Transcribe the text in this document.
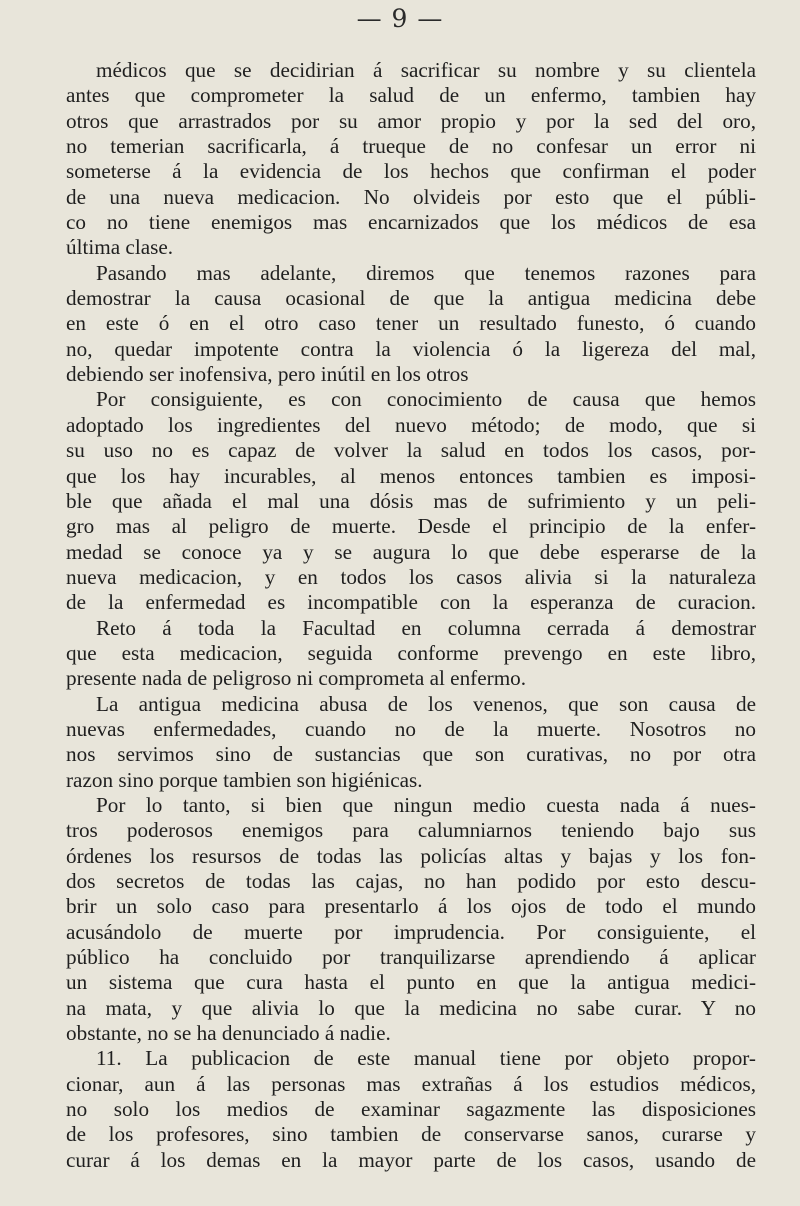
— 9 —
médicos que se decidirian á sacrificar su nombre y su clientela
antes que comprometer la salud de un enfermo, tambien hay
otros que arrastrados por su amor propio y por la sed del oro,
no temerian sacrificarla, á trueque de no confesar un error ni
someterse á la evidencia de los hechos que confirman el poder
de una nueva medicacion. No olvideis por esto que el públi-
co no tiene enemigos mas encarnizados que los médicos de esa
última clase.
Pasando mas adelante, diremos que tenemos razones para
demostrar la causa ocasional de que la antigua medicina debe
en este ó en el otro caso tener un resultado funesto, ó cuando
no, quedar impotente contra la violencia ó la ligereza del mal,
debiendo ser inofensiva, pero inútil en los otros
Por consiguiente, es con conocimiento de causa que hemos
adoptado los ingredientes del nuevo método; de modo, que si
su uso no es capaz de volver la salud en todos los casos, por-
que los hay incurables, al menos entonces tambien es imposi-
ble que añada el mal una dósis mas de sufrimiento y un peli-
gro mas al peligro de muerte. Desde el principio de la enfer-
medad se conoce ya y se augura lo que debe esperarse de la
nueva medicacion, y en todos los casos alivia si la naturaleza
de la enfermedad es incompatible con la esperanza de curacion.
Reto á toda la Facultad en columna cerrada á demostrar
que esta medicacion, seguida conforme prevengo en este libro,
presente nada de peligroso ni comprometa al enfermo.
La antigua medicina abusa de los venenos, que son causa de
nuevas enfermedades, cuando no de la muerte. Nosotros no
nos servimos sino de sustancias que son curativas, no por otra
razon sino porque tambien son higiénicas.
Por lo tanto, si bien que ningun medio cuesta nada á nues-
tros poderosos enemigos para calumniarnos teniendo bajo sus
órdenes los resursos de todas las policías altas y bajas y los fon-
dos secretos de todas las cajas, no han podido por esto descu-
brir un solo caso para presentarlo á los ojos de todo el mundo
acusándolo de muerte por imprudencia. Por consiguiente, el
público ha concluido por tranquilizarse aprendiendo á aplicar
un sistema que cura hasta el punto en que la antigua medici-
na mata, y que alivia lo que la medicina no sabe curar. Y no
obstante, no se ha denunciado á nadie.
11. La publicacion de este manual tiene por objeto propor-
cionar, aun á las personas mas extrañas á los estudios médicos,
no solo los medios de examinar sagazmente las disposiciones
de los profesores, sino tambien de conservarse sanos, curarse y
curar á los demas en la mayor parte de los casos, usando de
